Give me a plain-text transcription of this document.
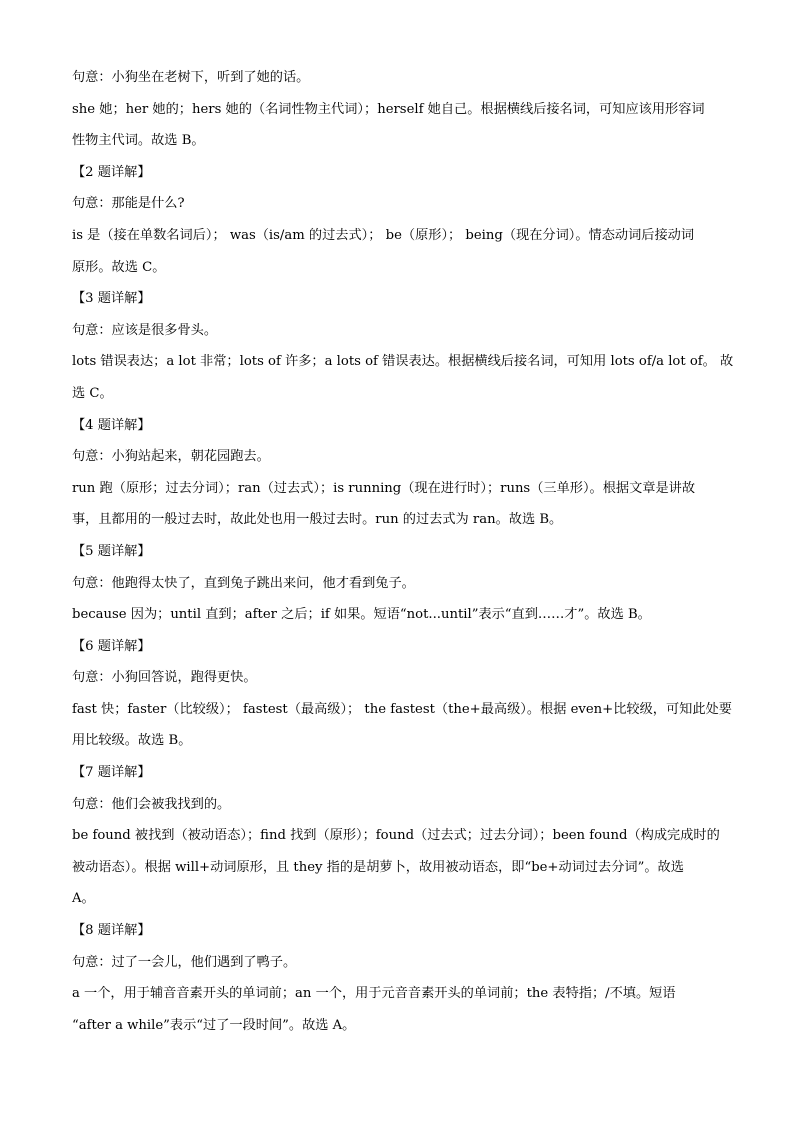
句意：小狗坐在老树下，听到了她的话。
she 她；her 她的；hers 她的（名词性物主代词）；herself 她自己。根据横线后接名词，可知应该用形容词
性物主代词。故选 B。
【2 题详解】
句意：那能是什么?
is 是（接在单数名词后）； was（is/am 的过去式）； be（原形）； being（现在分词）。情态动词后接动词
原形。故选 C。
【3 题详解】
句意：应该是很多骨头。
lots 错误表达；a lot 非常；lots of 许多；a lots of 错误表达。根据横线后接名词，可知用 lots of/a lot of。 故
选 C。
【4 题详解】
句意：小狗站起来，朝花园跑去。
run 跑（原形；过去分词）；ran（过去式）；is running（现在进行时）；runs（三单形）。根据文章是讲故
事，且都用的一般过去时，故此处也用一般过去时。run 的过去式为 ran。故选 B。
【5 题详解】
句意：他跑得太快了，直到兔子跳出来问，他才看到兔子。
because 因为；until 直到；after 之后；if 如果。短语“not...until”表示“直到……才”。故选 B。
【6 题详解】
句意：小狗回答说，跑得更快。
fast 快；faster（比较级）； fastest（最高级）； the fastest（the+最高级）。根据 even+比较级，可知此处要
用比较级。故选 B。
【7 题详解】
句意：他们会被我找到的。
be found 被找到（被动语态）；find 找到（原形）；found（过去式；过去分词）；been found（构成完成时的
被动语态）。根据 will+动词原形，且 they 指的是胡萝卜，故用被动语态，即“be+动词过去分词”。故选
A。
【8 题详解】
句意：过了一会儿，他们遇到了鸭子。
a 一个，用于辅音音素开头的单词前；an 一个，用于元音音素开头的单词前；the 表特指；/不填。短语
“after a while”表示“过了一段时间”。故选 A。
